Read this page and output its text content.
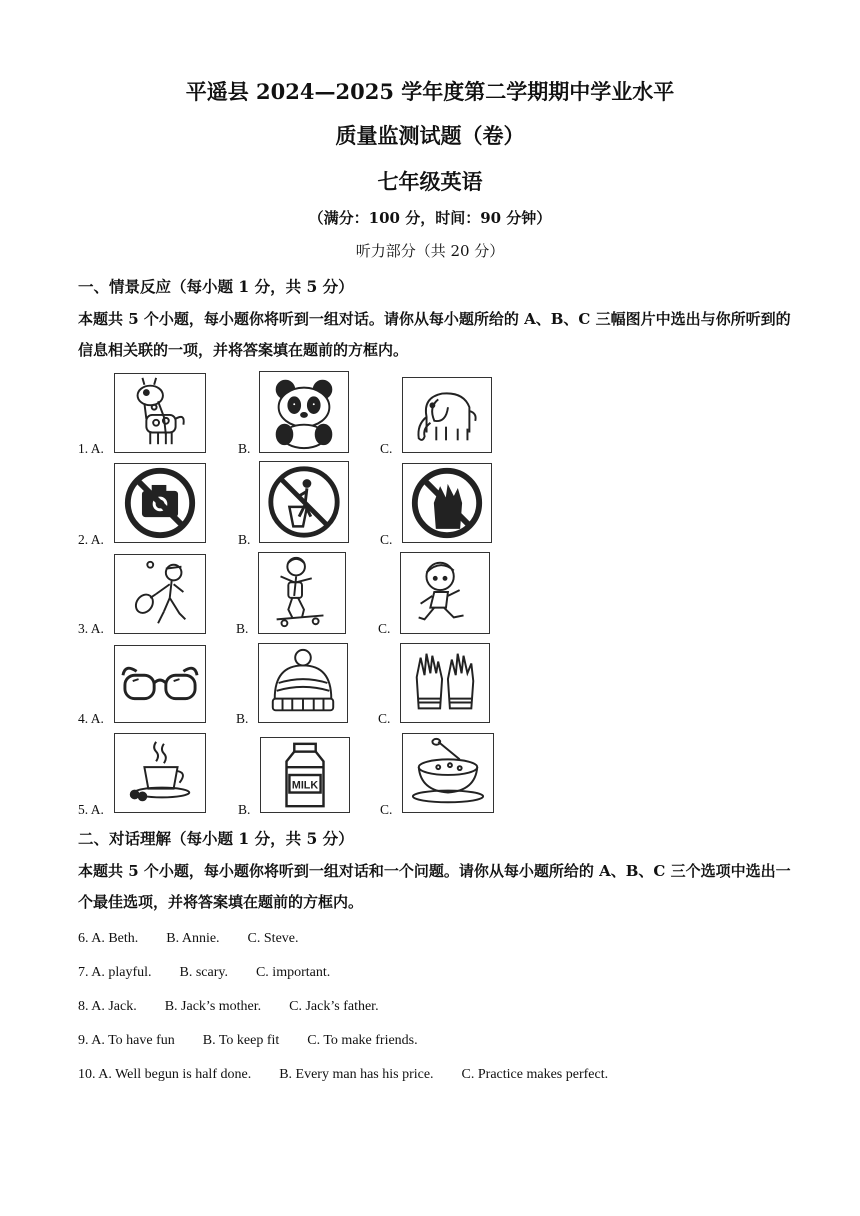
平遥县 2024—2025 学年度第二学期期中学业水平
质量监测试题（卷）
七年级英语
（满分：100 分，时间：90 分钟）
听力部分（共 20 分）
一、情景反应（每小题 1 分，共 5 分）
本题共 5 个小题，每小题你将听到一组对话。请你从每小题所给的 A、B、C 三幅图片中选出与你所听到的信息相关联的一项，并将答案填在题前的方框内。
1. A.	B.	C.
2. A.	B.	C.
3. A.	B.	C.
4. A.	B.	C.
5. A.	B.
MILK
C.
二、对话理解（每小题 1 分，共 5 分）
本题共 5 个小题，每小题你将听到一组对话和一个问题。请你从每小题所给的 A、B、C 三个选项中选出一个最佳选项，并将答案填在题前的方框内。
6. A. Beth.        B. Annie.        C. Steve.
7. A. playful.        B. scary.        C. important.
8. A. Jack.        B. Jack’s mother.        C. Jack’s father.
9. A. To have fun        B. To keep fit        C. To make friends.
10. A. Well begun is half done.        B. Every man has his price.        C. Practice makes perfect.
